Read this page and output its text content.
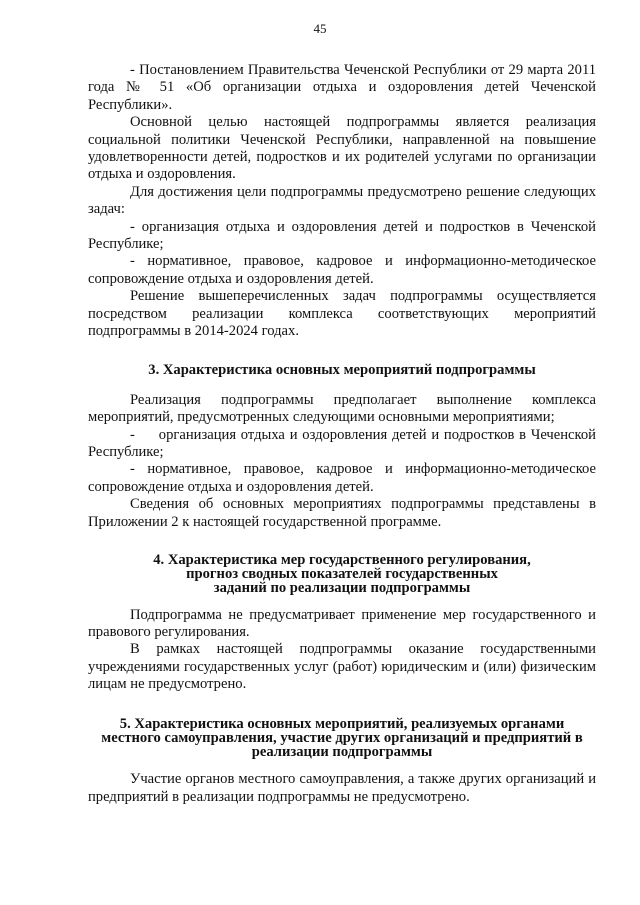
45

- Постановлением Правительства Чеченской Республики от 29 марта 2011 года № 51 «Об организации отдыха и оздоровления детей Чеченской Республики».

Основной целью настоящей подпрограммы является реализация социальной политики Чеченской Республики, направленной на повышение удовлетворенности детей, подростков и их родителей услугами по организации отдыха и оздоровления.

Для достижения цели подпрограммы предусмотрено решение следующих задач:

- организация отдыха и оздоровления детей и подростков в Чеченской Республике;

- нормативное, правовое, кадровое и информационно-методическое сопровождение отдыха и оздоровления детей.

Решение вышеперечисленных задач подпрограммы осуществляется посредством реализации комплекса соответствующих мероприятий подпрограммы в 2014-2024 годах.

3. Характеристика основных мероприятий подпрограммы

Реализация подпрограммы предполагает выполнение комплекса мероприятий, предусмотренных следующими основными мероприятиями;

-     организация отдыха и оздоровления детей и подростков в Чеченской Республике;

- нормативное, правовое, кадровое и информационно-методическое сопровождение отдыха и оздоровления детей.

Сведения об основных мероприятиях подпрограммы представлены в Приложении 2 к настоящей государственной программе.

4. Характеристика мер государственного регулирования,
прогноз сводных показателей государственных
заданий по реализации подпрограммы

Подпрограмма не предусматривает применение мер государственного и правового регулирования.

В рамках настоящей подпрограммы оказание государственными учреждениями государственных услуг (работ) юридическим и (или) физическим лицам не предусмотрено.

5. Характеристика основных мероприятий, реализуемых органами
местного самоуправления, участие других организаций и предприятий в
реализации подпрограммы

Участие органов местного самоуправления, а также других организаций и предприятий в реализации подпрограммы не предусмотрено.
